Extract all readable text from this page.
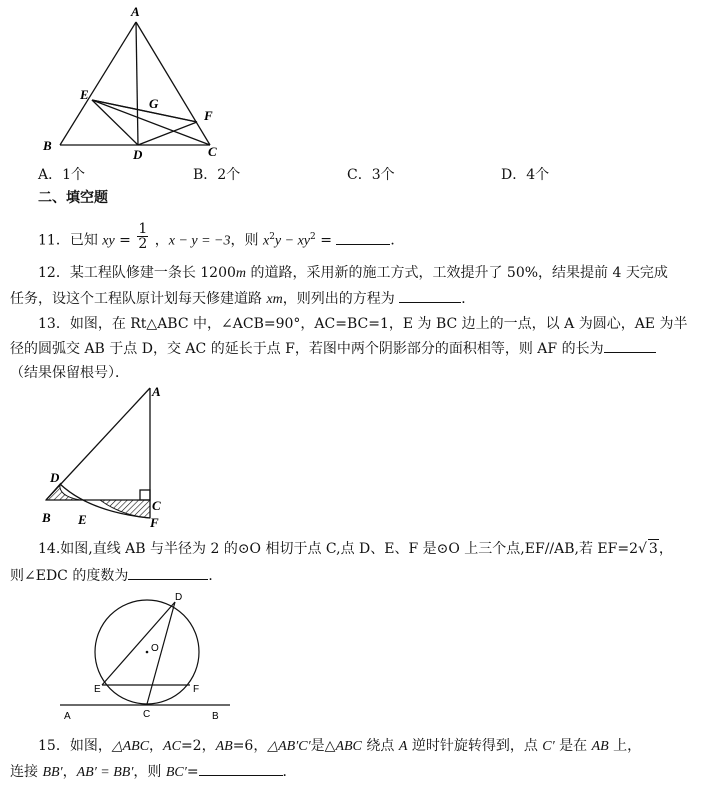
A
E
G
F
B
D	C
A．1个	B．2个	C．3个	D．4个
二、填空题
11．已知 xy = $\frac{1}{2}$ ，x − y = −3，则 $x^2y - xy^2$ =	．
12．某工程队修建一条长 1200m 的道路，采用新的施工方式，工效提升了 50%，结果提前 4 天完成
任务，设这个工程队原计划每天修建道路 xm，则列出的方程为	．
13．如图，在 Rt△ABC 中，∠ACB=90°，AC=BC=1，E 为 BC 边上的一点，以 A 为圆心，AE 为半
径的圆弧交 AB 于点 D，交 AC 的延长于点 F，若图中两个阴影部分的面积相等，则 AF 的长为
（结果保留根号）．
A
D
C
B E	F
14.如图,直线 AB 与半径为 2 的⊙O 相切于点 C,点 D、E、F 是⊙O 上三个点,EF//AB,若 EF=2√ 3，
则∠EDC 的度数为	．
D
O
E	F
A	C	B
15．如图，△ABC，AC=2，AB=6，△AB′C′是△ABC 绕点 A 逆时针旋转得到，点 C′ 是在 AB 上，
连接 BB′，AB′ = BB′，则 BC′=	．
